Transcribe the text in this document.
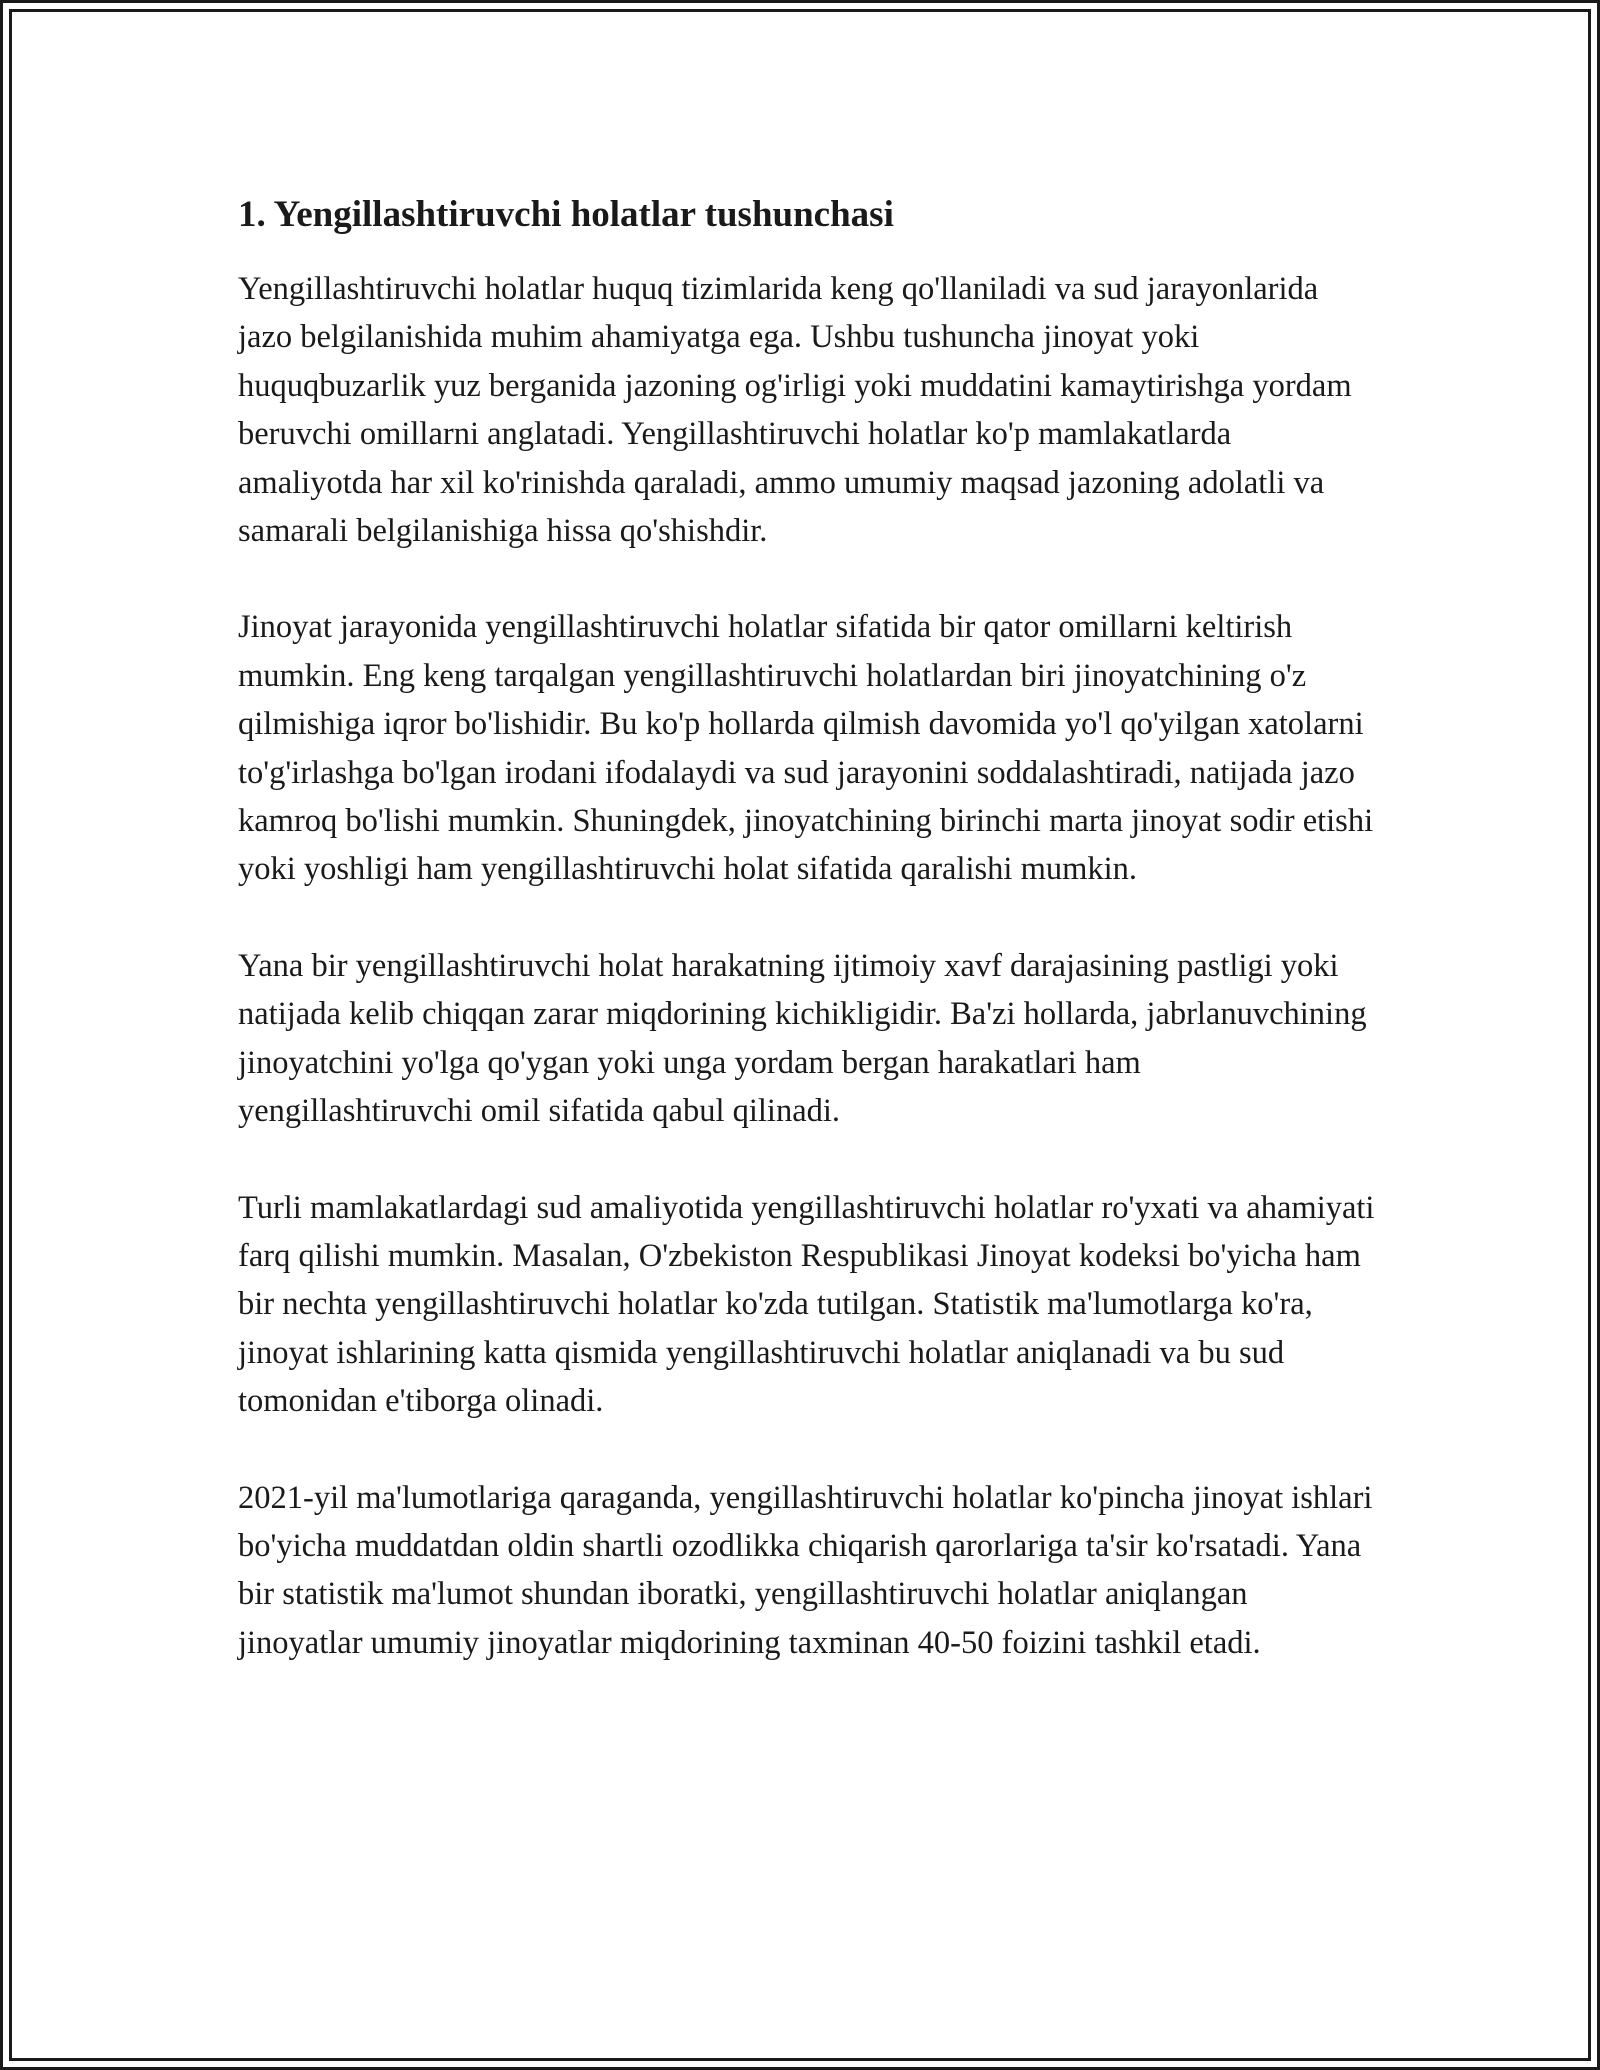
1. Yengillashtiruvchi holatlar tushunchasi

Yengillashtiruvchi holatlar huquq tizimlarida keng qo'llaniladi va sud jarayonlarida jazo belgilanishida muhim ahamiyatga ega. Ushbu tushuncha jinoyat yoki huquqbuzarlik yuz berganida jazoning og'irligi yoki muddatini kamaytirishga yordam beruvchi omillarni anglatadi. Yengillashtiruvchi holatlar ko'p mamlakatlarda amaliyotda har xil ko'rinishda qaraladi, ammo umumiy maqsad jazoning adolatli va samarali belgilanishiga hissa qo'shishdir.

Jinoyat jarayonida yengillashtiruvchi holatlar sifatida bir qator omillarni keltirish mumkin. Eng keng tarqalgan yengillashtiruvchi holatlardan biri jinoyatchining o'z qilmishiga iqror bo'lishidir. Bu ko'p hollarda qilmish davomida yo'l qo'yilgan xatolarni to'g'irlashga bo'lgan irodani ifodalaydi va sud jarayonini soddalashtiradi, natijada jazo kamroq bo'lishi mumkin. Shuningdek, jinoyatchining birinchi marta jinoyat sodir etishi yoki yoshligi ham yengillashtiruvchi holat sifatida qaralishi mumkin.

Yana bir yengillashtiruvchi holat harakatning ijtimoiy xavf darajasining pastligi yoki natijada kelib chiqqan zarar miqdorining kichikligidir. Ba'zi hollarda, jabrlanuvchining jinoyatchini yo'lga qo'ygan yoki unga yordam bergan harakatlari ham yengillashtiruvchi omil sifatida qabul qilinadi.

Turli mamlakatlardagi sud amaliyotida yengillashtiruvchi holatlar ro'yxati va ahamiyati farq qilishi mumkin. Masalan, O'zbekiston Respublikasi Jinoyat kodeksi bo'yicha ham bir nechta yengillashtiruvchi holatlar ko'zda tutilgan. Statistik ma'lumotlarga ko'ra, jinoyat ishlarining katta qismida yengillashtiruvchi holatlar aniqlanadi va bu sud tomonidan e'tiborga olinadi.

2021-yil ma'lumotlariga qaraganda, yengillashtiruvchi holatlar ko'pincha jinoyat ishlari bo'yicha muddatdan oldin shartli ozodlikka chiqarish qarorlariga ta'sir ko'rsatadi. Yana bir statistik ma'lumot shundan iboratki, yengillashtiruvchi holatlar aniqlangan jinoyatlar umumiy jinoyatlar miqdorining taxminan 40-50 foizini tashkil etadi.
